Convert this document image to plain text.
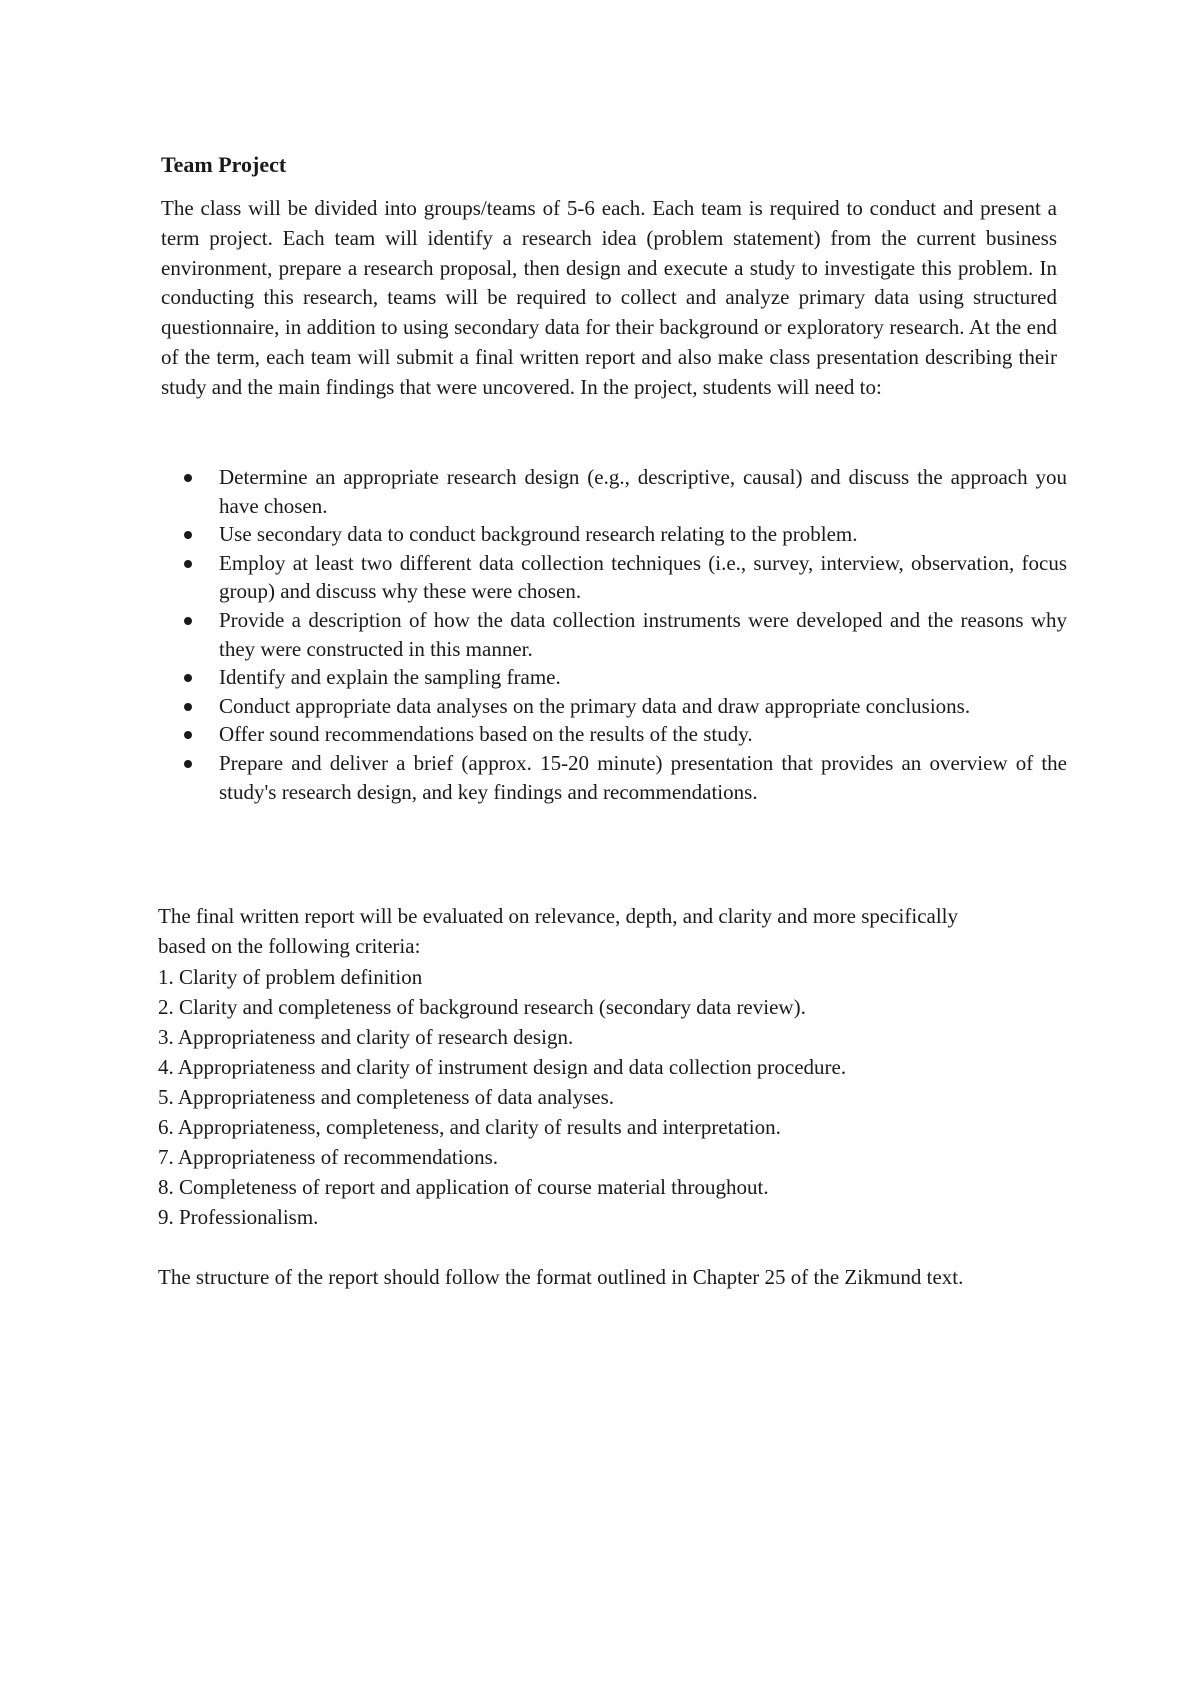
Team Project

The class will be divided into groups/teams of 5-6 each. Each team is required to conduct and present a term project. Each team will identify a research idea (problem statement) from the current business environment, prepare a research proposal, then design and execute a study to investigate this problem. In conducting this research, teams will be required to collect and analyze primary data using structured questionnaire, in addition to using secondary data for their background or exploratory research. At the end of the term, each team will submit a final written report and also make class presentation describing their study and the main findings that were uncovered. In the project, students will need to:

Determine an appropriate research design (e.g., descriptive, causal) and discuss the approach you have chosen.
Use secondary data to conduct background research relating to the problem.
Employ at least two different data collection techniques (i.e., survey, interview, observation, focus group) and discuss why these were chosen.
Provide a description of how the data collection instruments were developed and the reasons why they were constructed in this manner.
Identify and explain the sampling frame.
Conduct appropriate data analyses on the primary data and draw appropriate conclusions.
Offer sound recommendations based on the results of the study.
Prepare and deliver a brief (approx. 15-20 minute) presentation that provides an overview of the study's research design, and key findings and recommendations.

The final written report will be evaluated on relevance, depth, and clarity and more specifically based on the following criteria:

1. Clarity of problem definition
2. Clarity and completeness of background research (secondary data review).
3. Appropriateness and clarity of research design.
4. Appropriateness and clarity of instrument design and data collection procedure.
5. Appropriateness and completeness of data analyses.
6. Appropriateness, completeness, and clarity of results and interpretation.
7. Appropriateness of recommendations.
8. Completeness of report and application of course material throughout.
9. Professionalism.

The structure of the report should follow the format outlined in Chapter 25 of the Zikmund text.
